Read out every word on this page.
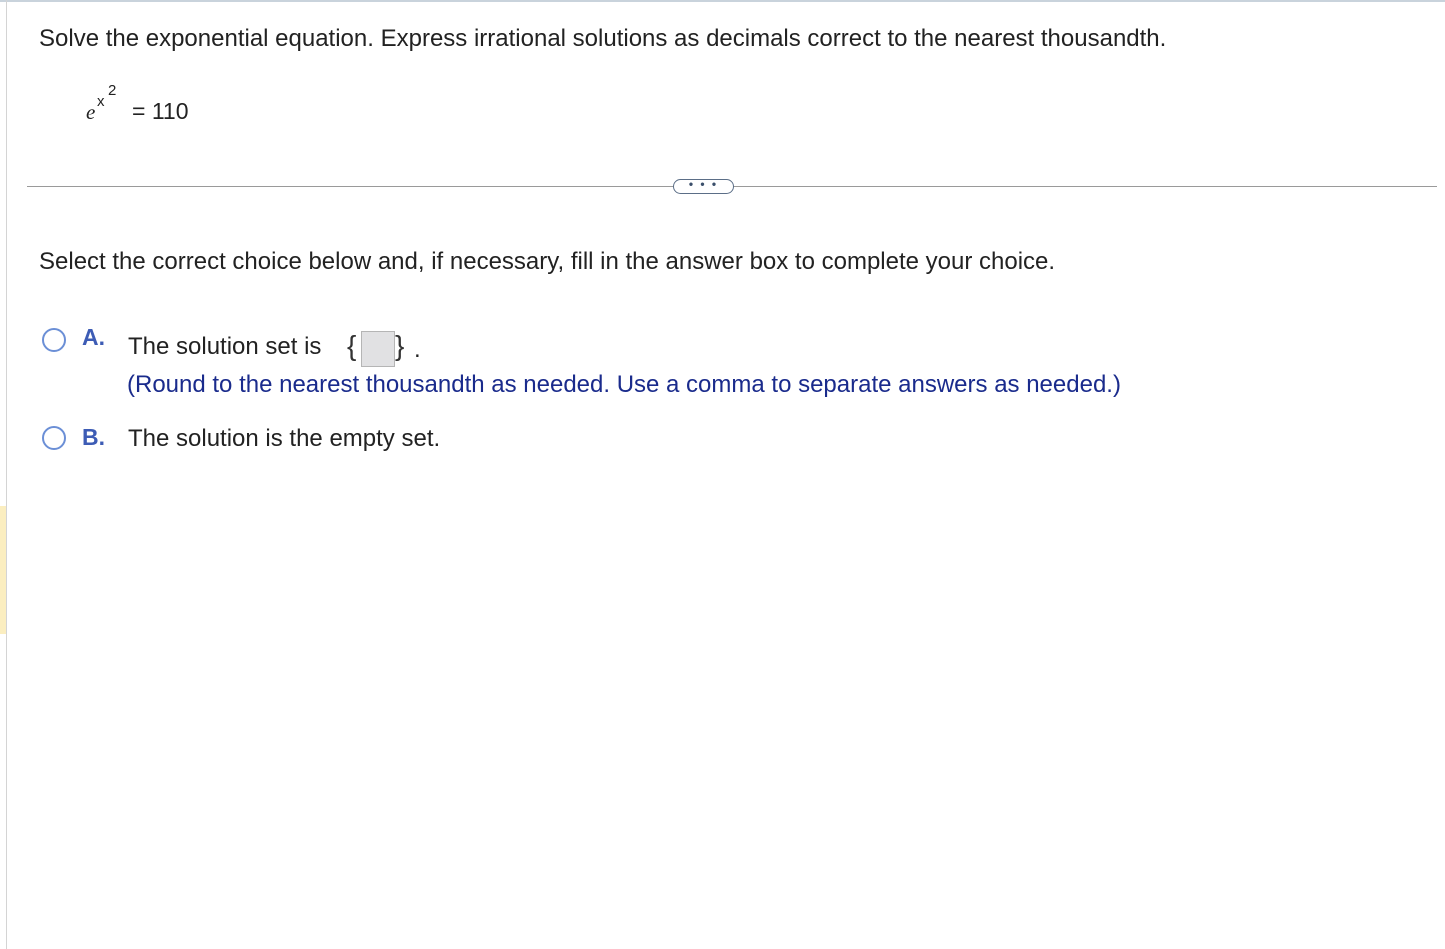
Solve the exponential equation. Express irrational solutions as decimals correct to the nearest thousandth.
e x
2
= 110
• • •
Select the correct choice below and, if necessary, fill in the answer box to complete your choice.
A. The solution set is { } .
(Round to the nearest thousandth as needed. Use a comma to separate answers as needed.)
B. The solution is the empty set.
